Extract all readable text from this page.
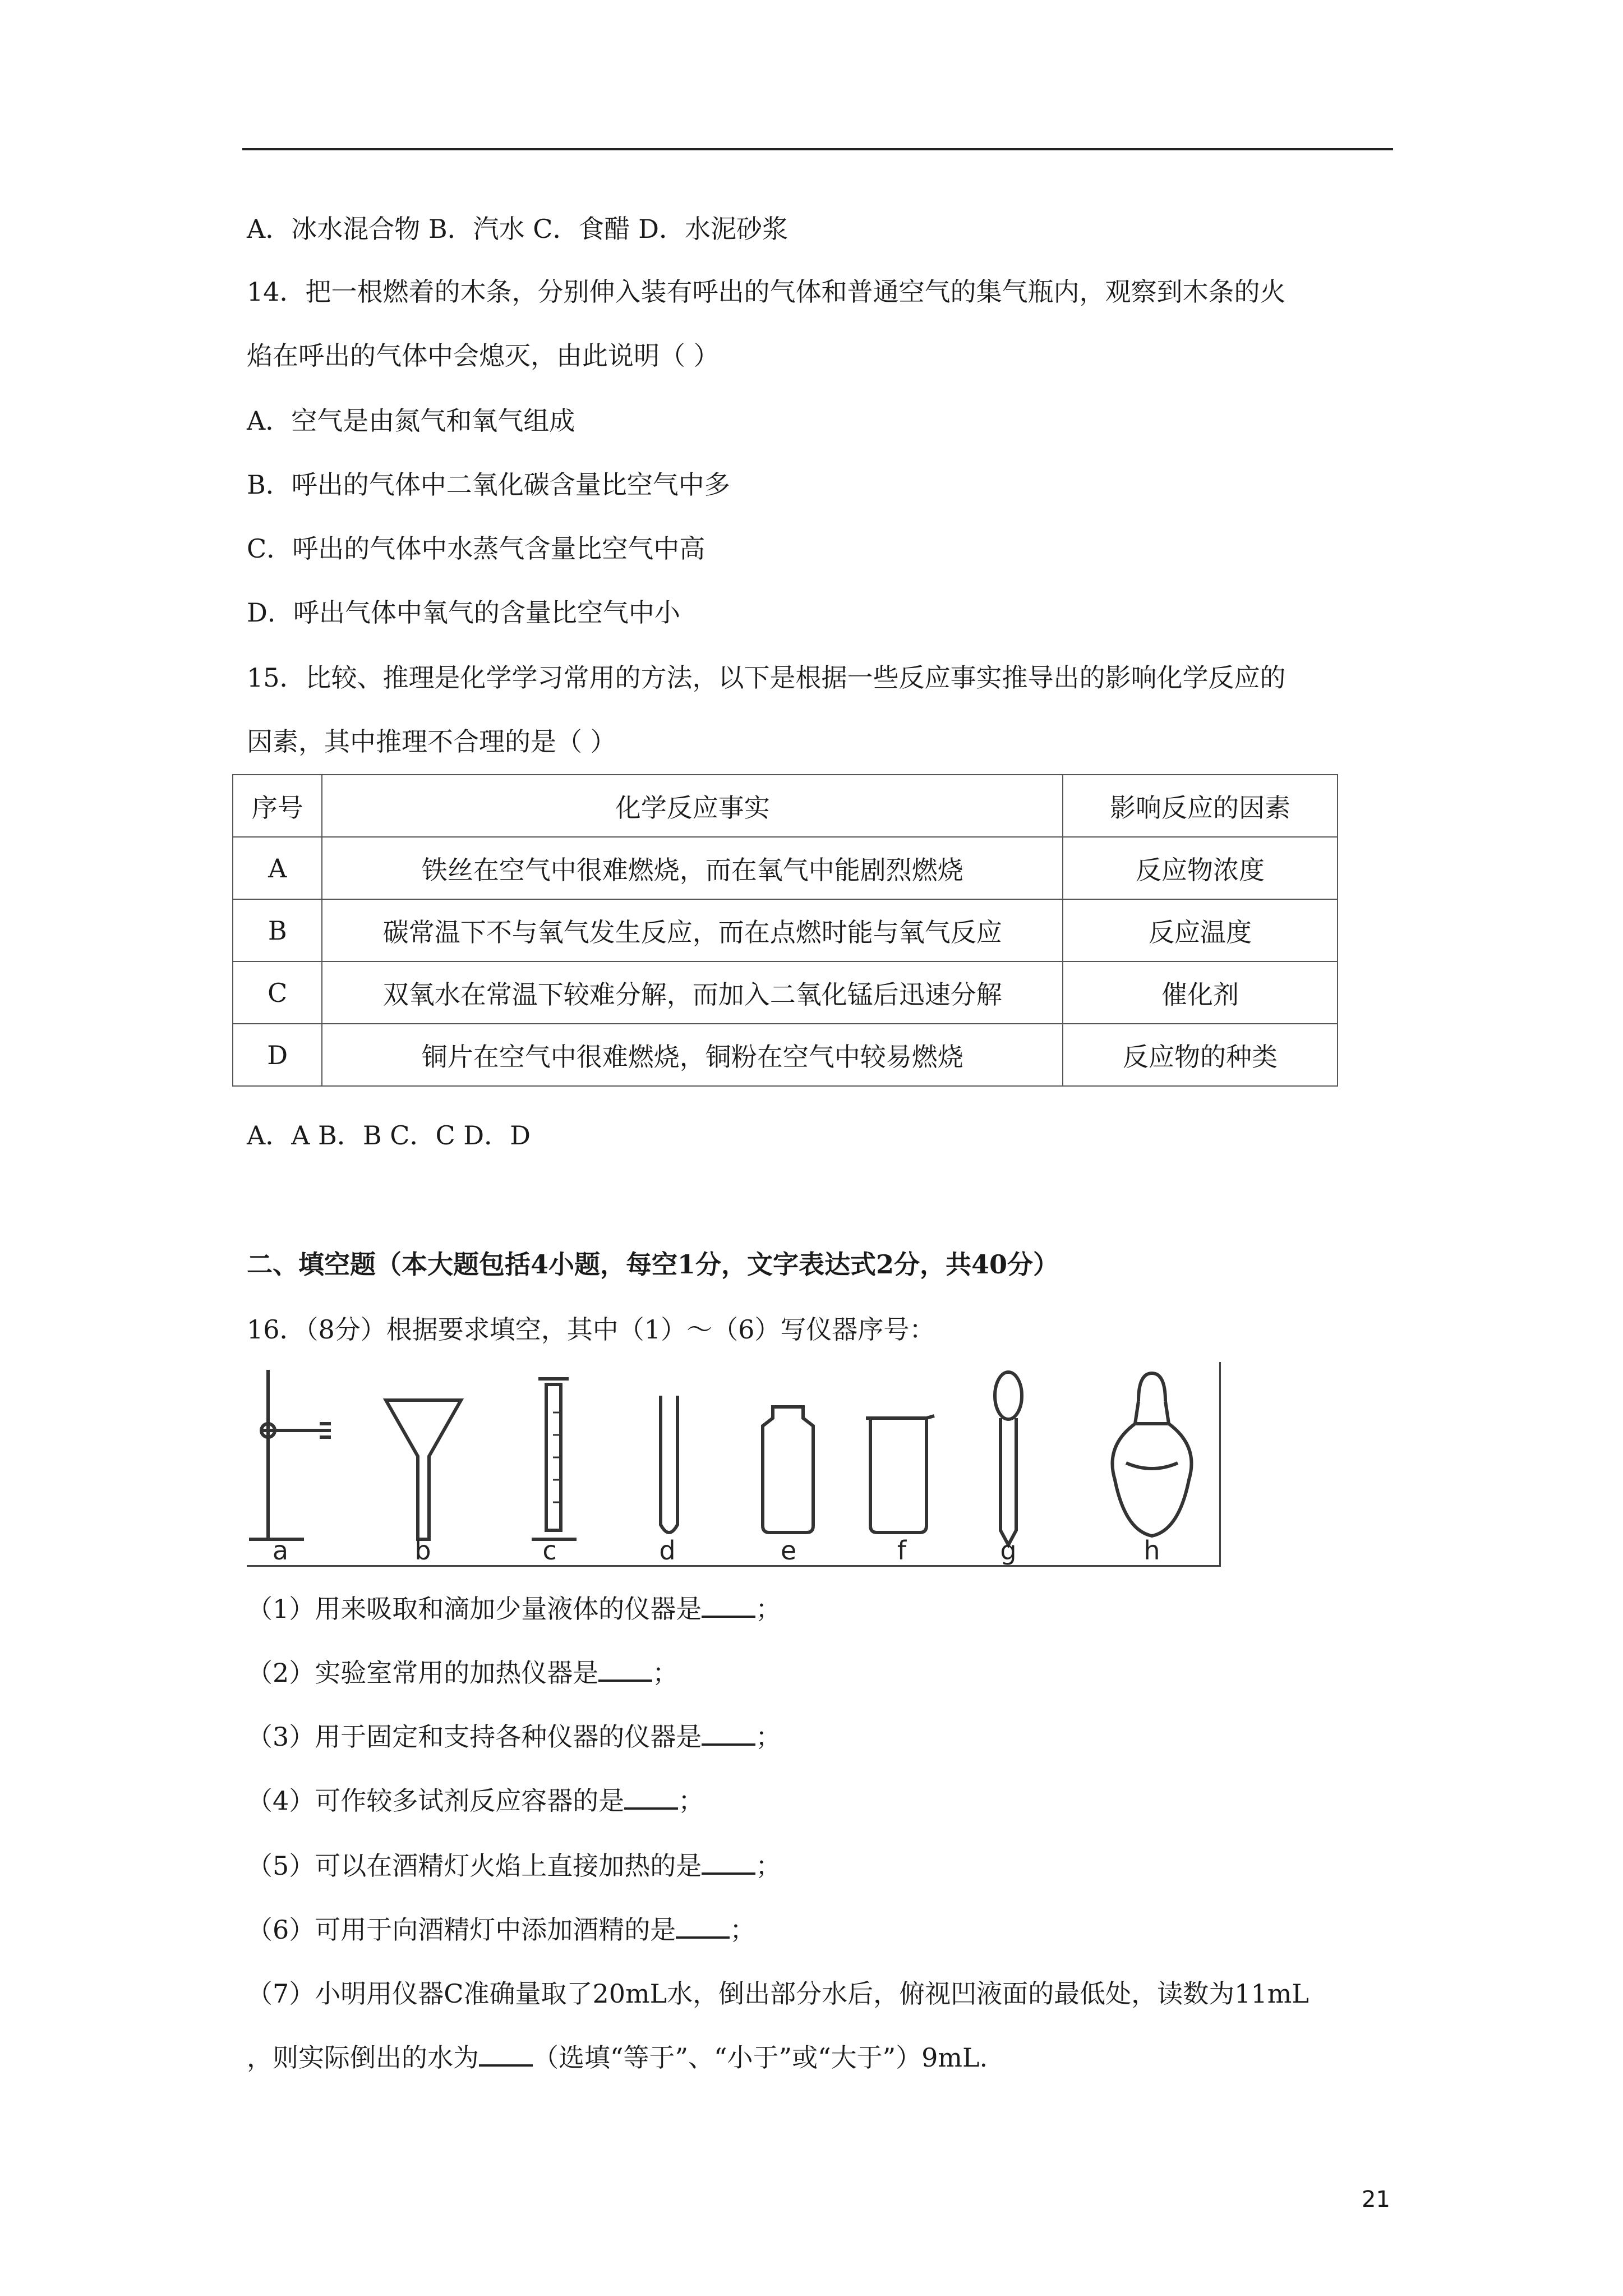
A．冰水混合物 B．汽水 C．食醋 D．水泥砂浆
14．把一根燃着的木条，分别伸入装有呼出的气体和普通空气的集气瓶内，观察到木条的火
焰在呼出的气体中会熄灭，由此说明（ ）
A．空气是由氮气和氧气组成
B．呼出的气体中二氧化碳含量比空气中多
C．呼出的气体中水蒸气含量比空气中高
D．呼出气体中氧气的含量比空气中小
15．比较、推理是化学学习常用的方法，以下是根据一些反应事实推导出的影响化学反应的
因素，其中推理不合理的是（ ）
序号	化学反应事实	影响反应的因素
A	铁丝在空气中很难燃烧，而在氧气中能剧烈燃烧	反应物浓度
B	碳常温下不与氧气发生反应，而在点燃时能与氧气反应	反应温度
C	双氧水在常温下较难分解，而加入二氧化锰后迅速分解	催化剂
D	铜片在空气中很难燃烧，铜粉在空气中较易燃烧	反应物的种类
A．A B．B C．C D．D
二、填空题（本大题包括4小题，每空1分，文字表达式2分，共40分）
16．（8分）根据要求填空，其中（1）～（6）写仪器序号：
a	b	c	d	e	f	g	h
（1）用来吸取和滴加少量液体的仪器是 ；
（2）实验室常用的加热仪器是 ；
（3）用于固定和支持各种仪器的仪器是 ；
（4）可作较多试剂反应容器的是 ；
（5）可以在酒精灯火焰上直接加热的是 ；
（6）可用于向酒精灯中添加酒精的是 ；
（7）小明用仪器C准确量取了20mL水，倒出部分水后，俯视凹液面的最低处，读数为11mL
，则实际倒出的水为 （选填“等于”、“小于”或“大于”）9mL.
21
